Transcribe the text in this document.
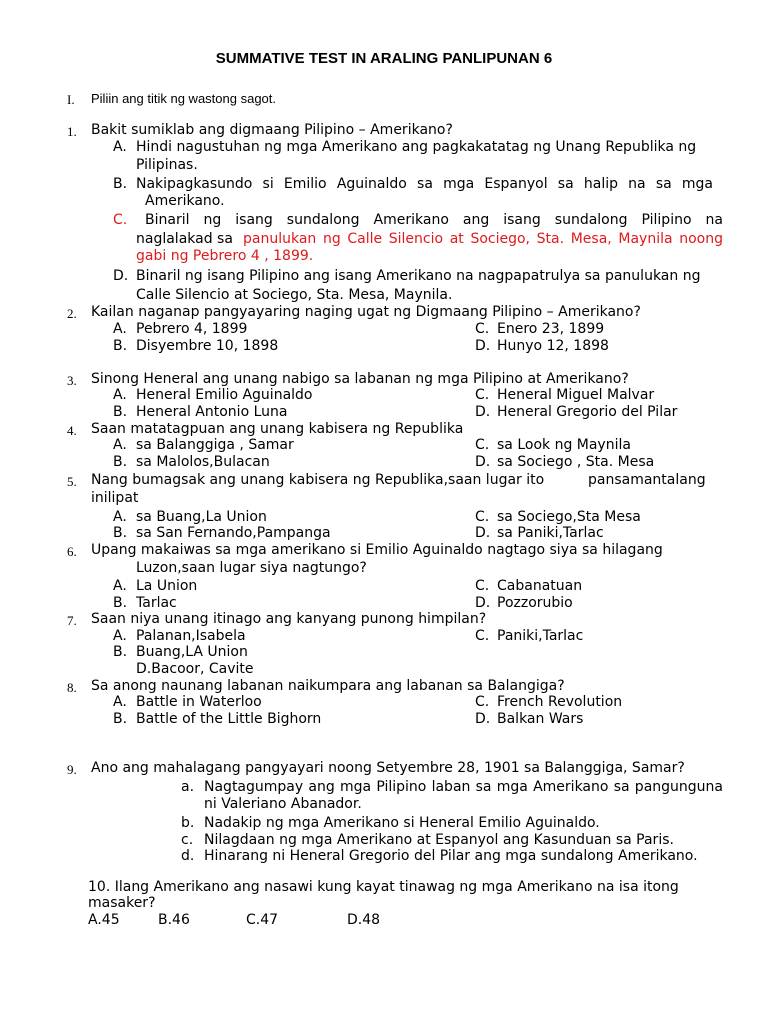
SUMMATIVE TEST IN ARALING PANLIPUNAN 6
I. Piliin ang titik ng wastong sagot.
1. Bakit sumiklab ang digmaang Pilipino – Amerikano?
A. Hindi nagustuhan ng mga Amerikano ang pagkakatatag ng Unang Republika ng
Pilipinas.
B. Nakipagkasundo si Emilio Aguinaldo sa mga Espanyol sa halip na sa mga
Amerikano.
C. Binaril ng isang sundalong Amerikano ang isang sundalong Pilipino na
naglalakad sa panulukan ng Calle Silencio at Sociego, Sta. Mesa, Maynila noong
gabi ng Pebrero 4 , 1899.
D. Binaril ng isang Pilipino ang isang Amerikano na nagpapatrulya sa panulukan ng
Calle Silencio at Sociego, Sta. Mesa, Maynila.
2. Kailan naganap pangyayaring naging ugat ng Digmaang Pilipino – Amerikano?
A. Pebrero 4, 1899	C. Enero 23, 1899
B. Disyembre 10, 1898	D. Hunyo 12, 1898
3. Sinong Heneral ang unang nabigo sa labanan ng mga Pilipino at Amerikano?
A. Heneral Emilio Aguinaldo	C. Heneral Miguel Malvar
B. Heneral Antonio Luna	D. Heneral Gregorio del Pilar
4. Saan matatagpuan ang unang kabisera ng Republika
A. sa Balanggiga , Samar	C. sa Look ng Maynila
B. sa Malolos,Bulacan	D. sa Sociego , Sta. Mesa
5. Nang bumagsak ang unang kabisera ng Republika,saan lugar ito	pansamantalang
inilipat
A. sa Buang,La Union	C. sa Sociego,Sta Mesa
B. sa San Fernando,Pampanga	D. sa Paniki,Tarlac
6. Upang makaiwas sa mga amerikano si Emilio Aguinaldo nagtago siya sa hilagang
Luzon,saan lugar siya nagtungo?
A. La Union	C. Cabanatuan
B. Tarlac	D. Pozzorubio
7. Saan niya unang itinago ang kanyang punong himpilan?
A. Palanan,Isabela	C. Paniki,Tarlac
B. Buang,LA Union
D.Bacoor, Cavite
8. Sa anong naunang labanan naikumpara ang labanan sa Balangiga?
A. Battle in Waterloo	C. French Revolution
B. Battle of the Little Bighorn	D. Balkan Wars
9. Ano ang mahalagang pangyayari noong Setyembre 28, 1901 sa Balanggiga, Samar?
a. Nagtagumpay ang mga Pilipino laban sa mga Amerikano sa pangunguna
ni Valeriano Abanador.
b. Nadakip ng mga Amerikano si Heneral Emilio Aguinaldo.
c. Nilagdaan ng mga Amerikano at Espanyol ang Kasunduan sa Paris.
d. Hinarang ni Heneral Gregorio del Pilar ang mga sundalong Amerikano.
10. Ilang Amerikano ang nasawi kung kayat tinawag ng mga Amerikano na isa itong
masaker?
A.45	B.46	C.47	D.48
